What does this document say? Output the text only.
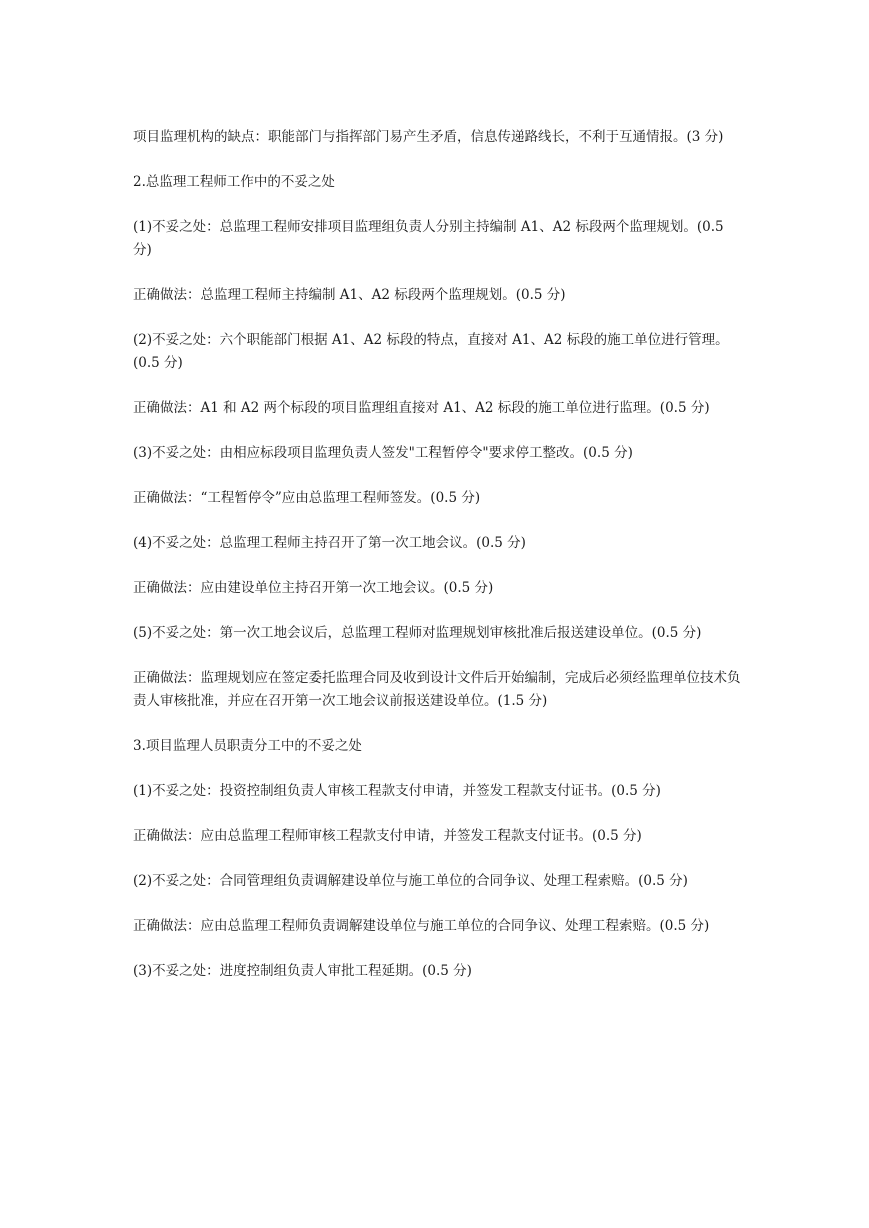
项目监理机构的缺点：职能部门与指挥部门易产生矛盾，信息传递路线长，不利于互通情报。(3 分)

2.总监理工程师工作中的不妥之处

(1)不妥之处：总监理工程师安排项目监理组负责人分别主持编制 A1、A2 标段两个监理规划。(0.5 分)

正确做法：总监理工程师主持编制 A1、A2 标段两个监理规划。(0.5 分)

(2)不妥之处：六个职能部门根据 A1、A2 标段的特点，直接对 A1、A2 标段的施工单位进行管理。(0.5 分)

正确做法：A1 和 A2 两个标段的项目监理组直接对 A1、A2 标段的施工单位进行监理。(0.5 分)

(3)不妥之处：由相应标段项目监理负责人签发"工程暂停令"要求停工整改。(0.5 分)

正确做法：“工程暂停令”应由总监理工程师签发。(0.5 分)

(4)不妥之处：总监理工程师主持召开了第一次工地会议。(0.5 分)

正确做法：应由建设单位主持召开第一次工地会议。(0.5 分)

(5)不妥之处：第一次工地会议后，总监理工程师对监理规划审核批准后报送建设单位。(0.5 分)

正确做法：监理规划应在签定委托监理合同及收到设计文件后开始编制，完成后必须经监理单位技术负责人审核批准，并应在召开第一次工地会议前报送建设单位。(1.5 分)

3.项目监理人员职责分工中的不妥之处

(1)不妥之处：投资控制组负责人审核工程款支付申请，并签发工程款支付证书。(0.5 分)

正确做法：应由总监理工程师审核工程款支付申请，并签发工程款支付证书。(0.5 分)

(2)不妥之处：合同管理组负责调解建设单位与施工单位的合同争议、处理工程索赔。(0.5 分)

正确做法：应由总监理工程师负责调解建设单位与施工单位的合同争议、处理工程索赔。(0.5 分)

(3)不妥之处：进度控制组负责人审批工程延期。(0.5 分)
